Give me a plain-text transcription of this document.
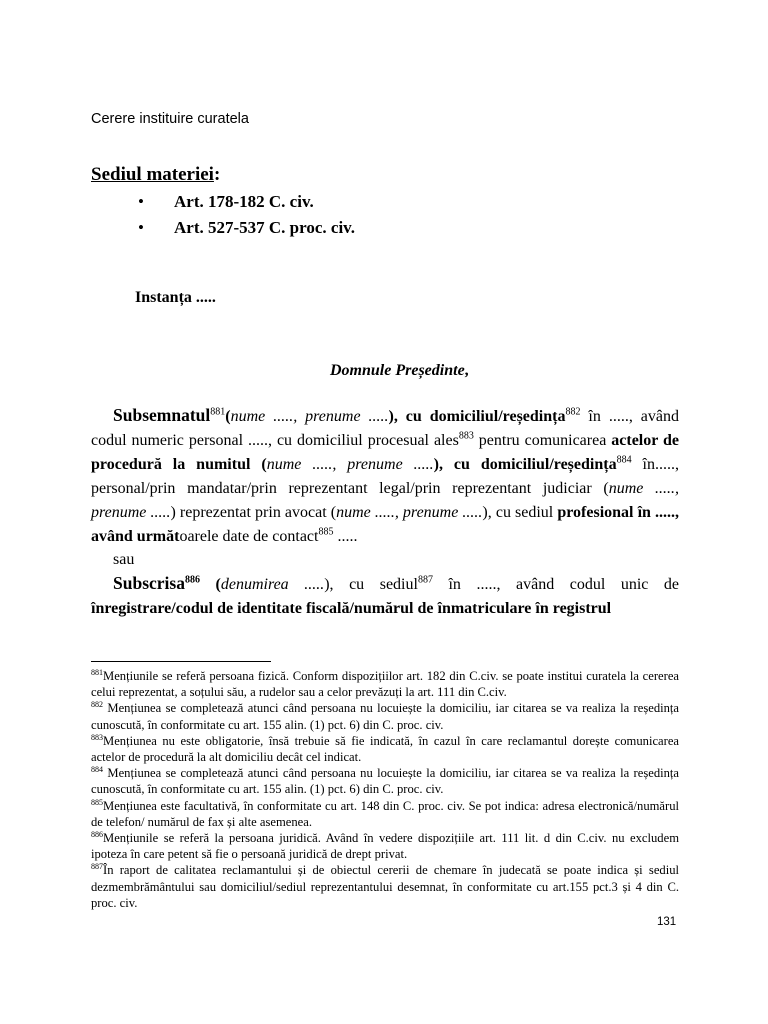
Cerere instituire curatela
Sediul materiei:
• Art. 178-182 C. civ.
• Art. 527-537 C. proc. civ.
Instanța .....
Domnule Președinte,

Subsemnatul$^{881}$(nume ....., prenume .....), cu domiciliul/reședința$^{882}$ în ....., având codul numeric personal ....., cu domiciliul procesual ales$^{883}$ pentru comunicarea actelor de procedură la numitul (nume ....., prenume .....), cu domiciliul/reședința$^{884}$ în....., personal/prin mandatar/prin reprezentant legal/prin reprezentant judiciar (nume ....., prenume .....) reprezentat prin avocat (nume ....., prenume .....), cu sediul profesional în ....., având următoarele date de contact$^{885}$ .....

sau

Subscrisa$^{886}$ (denumirea .....), cu sediul$^{887}$ în ....., având codul unic de înregistrare/codul de identitate fiscală/numărul de înmatriculare în registrul

$^{881}$Mențiunile se referă persoana fizică. Conform dispozițiilor art. 182 din C.civ. se poate institui curatela la cererea celui reprezentat, a soțului său, a rudelor sau a celor prevăzuți la art. 111 din C.civ.

$^{882}$ Mențiunea se completează atunci când persoana nu locuiește la domiciliu, iar citarea se va realiza la reședința cunoscută, în conformitate cu art. 155 alin. (1) pct. 6) din C. proc. civ.

$^{883}$Mențiunea nu este obligatorie, însă trebuie să fie indicată, în cazul în care reclamantul dorește comunicarea actelor de procedură la alt domiciliu decât cel indicat.

$^{884}$ Mențiunea se completează atunci când persoana nu locuiește la domiciliu, iar citarea se va realiza la reședința cunoscută, în conformitate cu art. 155 alin. (1) pct. 6) din C. proc. civ.

$^{885}$Mențiunea este facultativă, în conformitate cu art. 148 din C. proc. civ. Se pot indica: adresa electronică/numărul de telefon/ numărul de fax și alte asemenea.

$^{886}$Mențiunile se referă la persoana juridică. Având în vedere dispozițiile art. 111 lit. d din C.civ. nu excludem ipoteza în care petent să fie o persoană juridică de drept privat.

$^{887}$În raport de calitatea reclamantului și de obiectul cererii de chemare în judecată se poate indica și sediul dezmembrământului sau domiciliul/sediul reprezentantului desemnat, în conformitate cu art.155 pct.3 și 4 din C. proc. civ.

131
